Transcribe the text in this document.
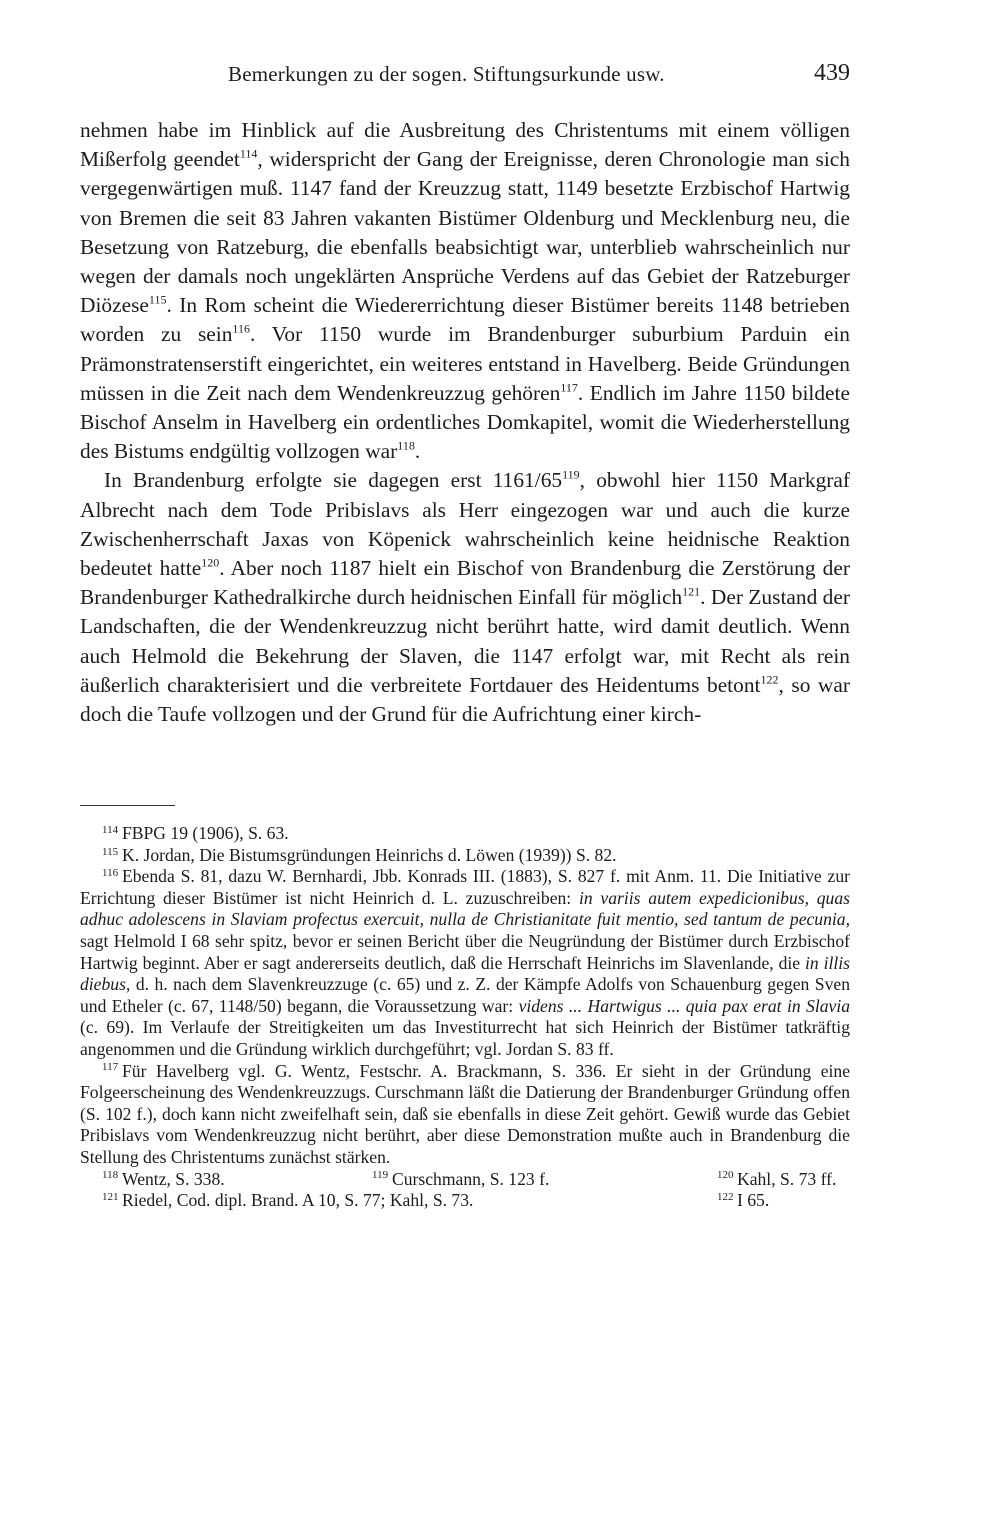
Bemerkungen zu der sogen. Stiftungsurkunde usw.	439

nehmen habe im Hinblick auf die Ausbreitung des Christentums mit einem völligen Mißerfolg geendet$^{114}$, widerspricht der Gang der Ereignisse, deren Chronologie man sich vergegenwärtigen muß. 1147 fand der Kreuzzug statt, 1149 besetzte Erzbischof Hartwig von Bremen die seit 83 Jahren vakanten Bistümer Oldenburg und Mecklenburg neu, die Besetzung von Ratzeburg, die ebenfalls beabsichtigt war, unterblieb wahrscheinlich nur wegen der damals noch ungeklärten Ansprüche Verdens auf das Gebiet der Ratzeburger Diözese$^{115}$. In Rom scheint die Wiedererrichtung dieser Bistümer bereits 1148 betrieben worden zu sein$^{116}$. Vor 1150 wurde im Brandenburger suburbium Parduin ein Prämonstratenserstift eingerichtet, ein weiteres entstand in Havelberg. Beide Gründungen müssen in die Zeit nach dem Wendenkreuzzug gehören$^{117}$. Endlich im Jahre 1150 bildete Bischof Anselm in Havelberg ein ordentliches Domkapitel, womit die Wiederherstellung des Bistums endgültig vollzogen war$^{118}$.

In Brandenburg erfolgte sie dagegen erst 1161/65$^{119}$, obwohl hier 1150 Markgraf Albrecht nach dem Tode Pribislavs als Herr eingezogen war und auch die kurze Zwischenherrschaft Jaxas von Köpenick wahrscheinlich keine heidnische Reaktion bedeutet hatte$^{120}$. Aber noch 1187 hielt ein Bischof von Brandenburg die Zerstörung der Brandenburger Kathedralkirche durch heidnischen Einfall für möglich$^{121}$. Der Zustand der Landschaften, die der Wendenkreuzzug nicht berührt hatte, wird damit deutlich. Wenn auch Helmold die Bekehrung der Slaven, die 1147 erfolgt war, mit Recht als rein äußerlich charakterisiert und die verbreitete Fortdauer des Heidentums betont$^{122}$, so war doch die Taufe vollzogen und der Grund für die Aufrichtung einer kirch-

114 FBPG 19 (1906), S. 63.

115 K. Jordan, Die Bistumsgründungen Heinrichs d. Löwen (1939)) S. 82.

116 Ebenda S. 81, dazu W. Bernhardi, Jbb. Konrads III. (1883), S. 827 f. mit Anm. 11. Die Initiative zur Errichtung dieser Bistümer ist nicht Heinrich d. L. zuzuschreiben: in variis autem expedicionibus, quas adhuc adolescens in Slaviam profectus exercuit, nulla de Christianitate fuit mentio, sed tantum de pecunia, sagt Helmold I 68 sehr spitz, bevor er seinen Bericht über die Neugründung der Bistümer durch Erzbischof Hartwig beginnt. Aber er sagt andererseits deutlich, daß die Herrschaft Heinrichs im Slavenlande, die in illis diebus, d. h. nach dem Slavenkreuzzuge (c. 65) und z. Z. der Kämpfe Adolfs von Schauenburg gegen Sven und Etheler (c. 67, 1148/50) begann, die Voraussetzung war: videns ... Hartwigus ... quia pax erat in Slavia (c. 69). Im Verlaufe der Streitigkeiten um das Investiturrecht hat sich Heinrich der Bistümer tatkräftig angenommen und die Gründung wirklich durchgeführt; vgl. Jordan S. 83 ff.

117 Für Havelberg vgl. G. Wentz, Festschr. A. Brackmann, S. 336. Er sieht in der Gründung eine Folgeerscheinung des Wendenkreuzzugs. Curschmann läßt die Datierung der Brandenburger Gründung offen (S. 102 f.), doch kann nicht zweifelhaft sein, daß sie ebenfalls in diese Zeit gehört. Gewiß wurde das Gebiet Pribislavs vom Wendenkreuzzug nicht berührt, aber diese Demonstration mußte auch in Brandenburg die Stellung des Christentums zunächst stärken.

118 Wentz, S. 338.	119 Curschmann, S. 123 f.	120 Kahl, S. 73 ff.
121 Riedel, Cod. dipl. Brand. A 10, S. 77; Kahl, S. 73.	122 I 65.
